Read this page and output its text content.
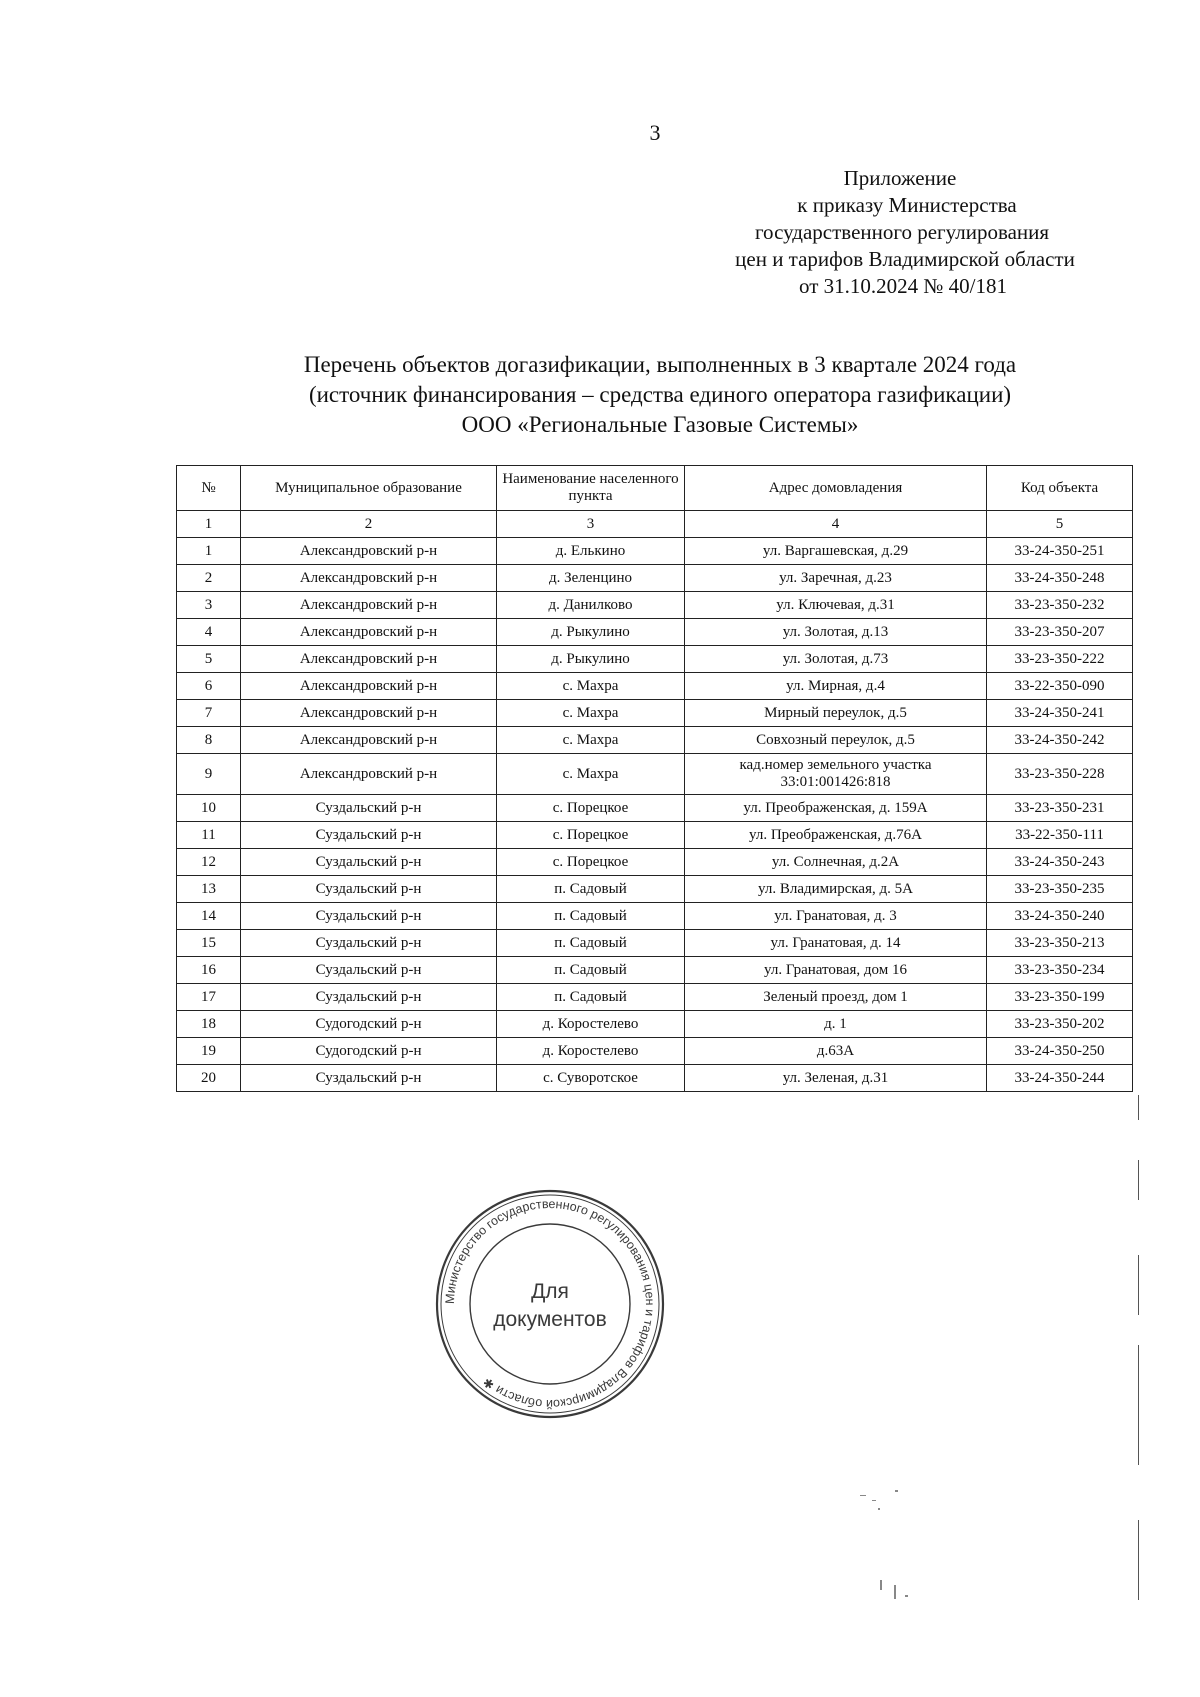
3
Приложение
к приказу Министерства
государственного регулирования
цен и тарифов Владимирской области
от 31.10.2024 № 40/181
Перечень объектов догазификации, выполненных в 3 квартале 2024 года
(источник финансирования – средства единого оператора газификации)
ООО «Региональные Газовые Системы»
№	Муниципальное образование	Наименование населенного пункта	Адрес домовладения	Код объекта
1	2	3	4	5
1	Александровский р-н	д. Елькино	ул. Варгашевская, д.29	33-24-350-251
2	Александровский р-н	д. Зеленцино	ул. Заречная, д.23	33-24-350-248
3	Александровский р-н	д. Данилково	ул. Ключевая, д.31	33-23-350-232
4	Александровский р-н	д. Рыкулино	ул. Золотая, д.13	33-23-350-207
5	Александровский р-н	д. Рыкулино	ул. Золотая, д.73	33-23-350-222
6	Александровский р-н	с. Махра	ул. Мирная, д.4	33-22-350-090
7	Александровский р-н	с. Махра	Мирный переулок, д.5	33-24-350-241
8	Александровский р-н	с. Махра	Совхозный переулок, д.5	33-24-350-242
9	Александровский р-н	с. Махра	кад.номер земельного участка 33:01:001426:818	33-23-350-228
10	Суздальский р-н	с. Порецкое	ул. Преображенская, д. 159А	33-23-350-231
11	Суздальский р-н	с. Порецкое	ул. Преображенская, д.76А	33-22-350-111
12	Суздальский р-н	с. Порецкое	ул. Солнечная, д.2А	33-24-350-243
13	Суздальский р-н	п. Садовый	ул. Владимирская, д. 5А	33-23-350-235
14	Суздальский р-н	п. Садовый	ул. Гранатовая, д. 3	33-24-350-240
15	Суздальский р-н	п. Садовый	ул. Гранатовая, д. 14	33-23-350-213
16	Суздальский р-н	п. Садовый	ул. Гранатовая, дом 16	33-23-350-234
17	Суздальский р-н	п. Садовый	Зеленый проезд, дом 1	33-23-350-199
18	Судогодский р-н	д. Коростелево	д. 1	33-23-350-202
19	Судогодский р-н	д. Коростелево	д.63А	33-24-350-250
20	Суздальский р-н	с. Суворотское	ул. Зеленая, д.31	33-24-350-244
Министерство государственного регулирования цен и тарифов Владимирской области ✱
Для
документов
